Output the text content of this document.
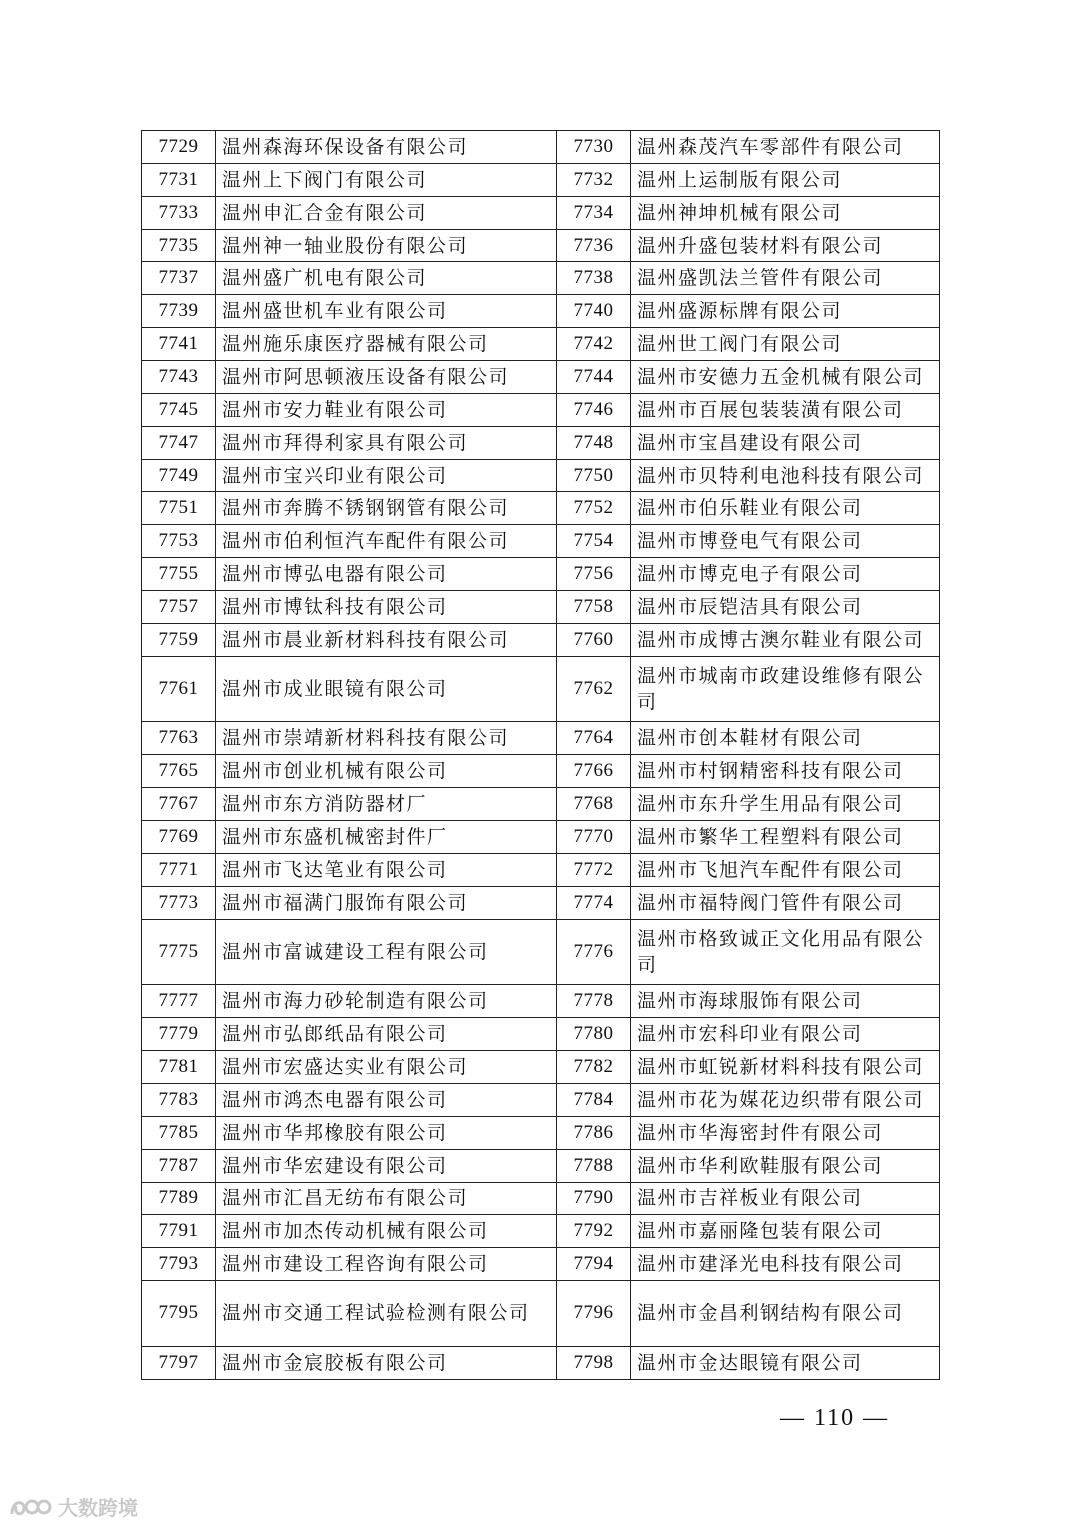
7729	温州森海环保设备有限公司	7730	温州森茂汽车零部件有限公司
7731	温州上下阀门有限公司	7732	温州上运制版有限公司
7733	温州申汇合金有限公司	7734	温州神坤机械有限公司
7735	温州神一轴业股份有限公司	7736	温州升盛包装材料有限公司
7737	温州盛广机电有限公司	7738	温州盛凯法兰管件有限公司
7739	温州盛世机车业有限公司	7740	温州盛源标牌有限公司
7741	温州施乐康医疗器械有限公司	7742	温州世工阀门有限公司
7743	温州市阿思顿液压设备有限公司	7744	温州市安德力五金机械有限公司
7745	温州市安力鞋业有限公司	7746	温州市百展包装装潢有限公司
7747	温州市拜得利家具有限公司	7748	温州市宝昌建设有限公司
7749	温州市宝兴印业有限公司	7750	温州市贝特利电池科技有限公司
7751	温州市奔腾不锈钢钢管有限公司	7752	温州市伯乐鞋业有限公司
7753	温州市伯利恒汽车配件有限公司	7754	温州市博登电气有限公司
7755	温州市博弘电器有限公司	7756	温州市博克电子有限公司
7757	温州市博钛科技有限公司	7758	温州市辰铠洁具有限公司
7759	温州市晨业新材料科技有限公司	7760	温州市成博古澳尔鞋业有限公司
7761	温州市成业眼镜有限公司	7762	温州市城南市政建设维修有限公司
7763	温州市崇靖新材料科技有限公司	7764	温州市创本鞋材有限公司
7765	温州市创业机械有限公司	7766	温州市村钢精密科技有限公司
7767	温州市东方消防器材厂	7768	温州市东升学生用品有限公司
7769	温州市东盛机械密封件厂	7770	温州市繁华工程塑料有限公司
7771	温州市飞达笔业有限公司	7772	温州市飞旭汽车配件有限公司
7773	温州市福满门服饰有限公司	7774	温州市福特阀门管件有限公司
7775	温州市富诚建设工程有限公司	7776	温州市格致诚正文化用品有限公司
7777	温州市海力砂轮制造有限公司	7778	温州市海球服饰有限公司
7779	温州市弘郎纸品有限公司	7780	温州市宏科印业有限公司
7781	温州市宏盛达实业有限公司	7782	温州市虹锐新材料科技有限公司
7783	温州市鸿杰电器有限公司	7784	温州市花为媒花边织带有限公司
7785	温州市华邦橡胶有限公司	7786	温州市华海密封件有限公司
7787	温州市华宏建设有限公司	7788	温州市华利欧鞋服有限公司
7789	温州市汇昌无纺布有限公司	7790	温州市吉祥板业有限公司
7791	温州市加杰传动机械有限公司	7792	温州市嘉丽隆包装有限公司
7793	温州市建设工程咨询有限公司	7794	温州市建泽光电科技有限公司
7795	温州市交通工程试验检测有限公司	7796	温州市金昌利钢结构有限公司
7797	温州市金宸胶板有限公司	7798	温州市金达眼镜有限公司
— 110 —
大数跨境
